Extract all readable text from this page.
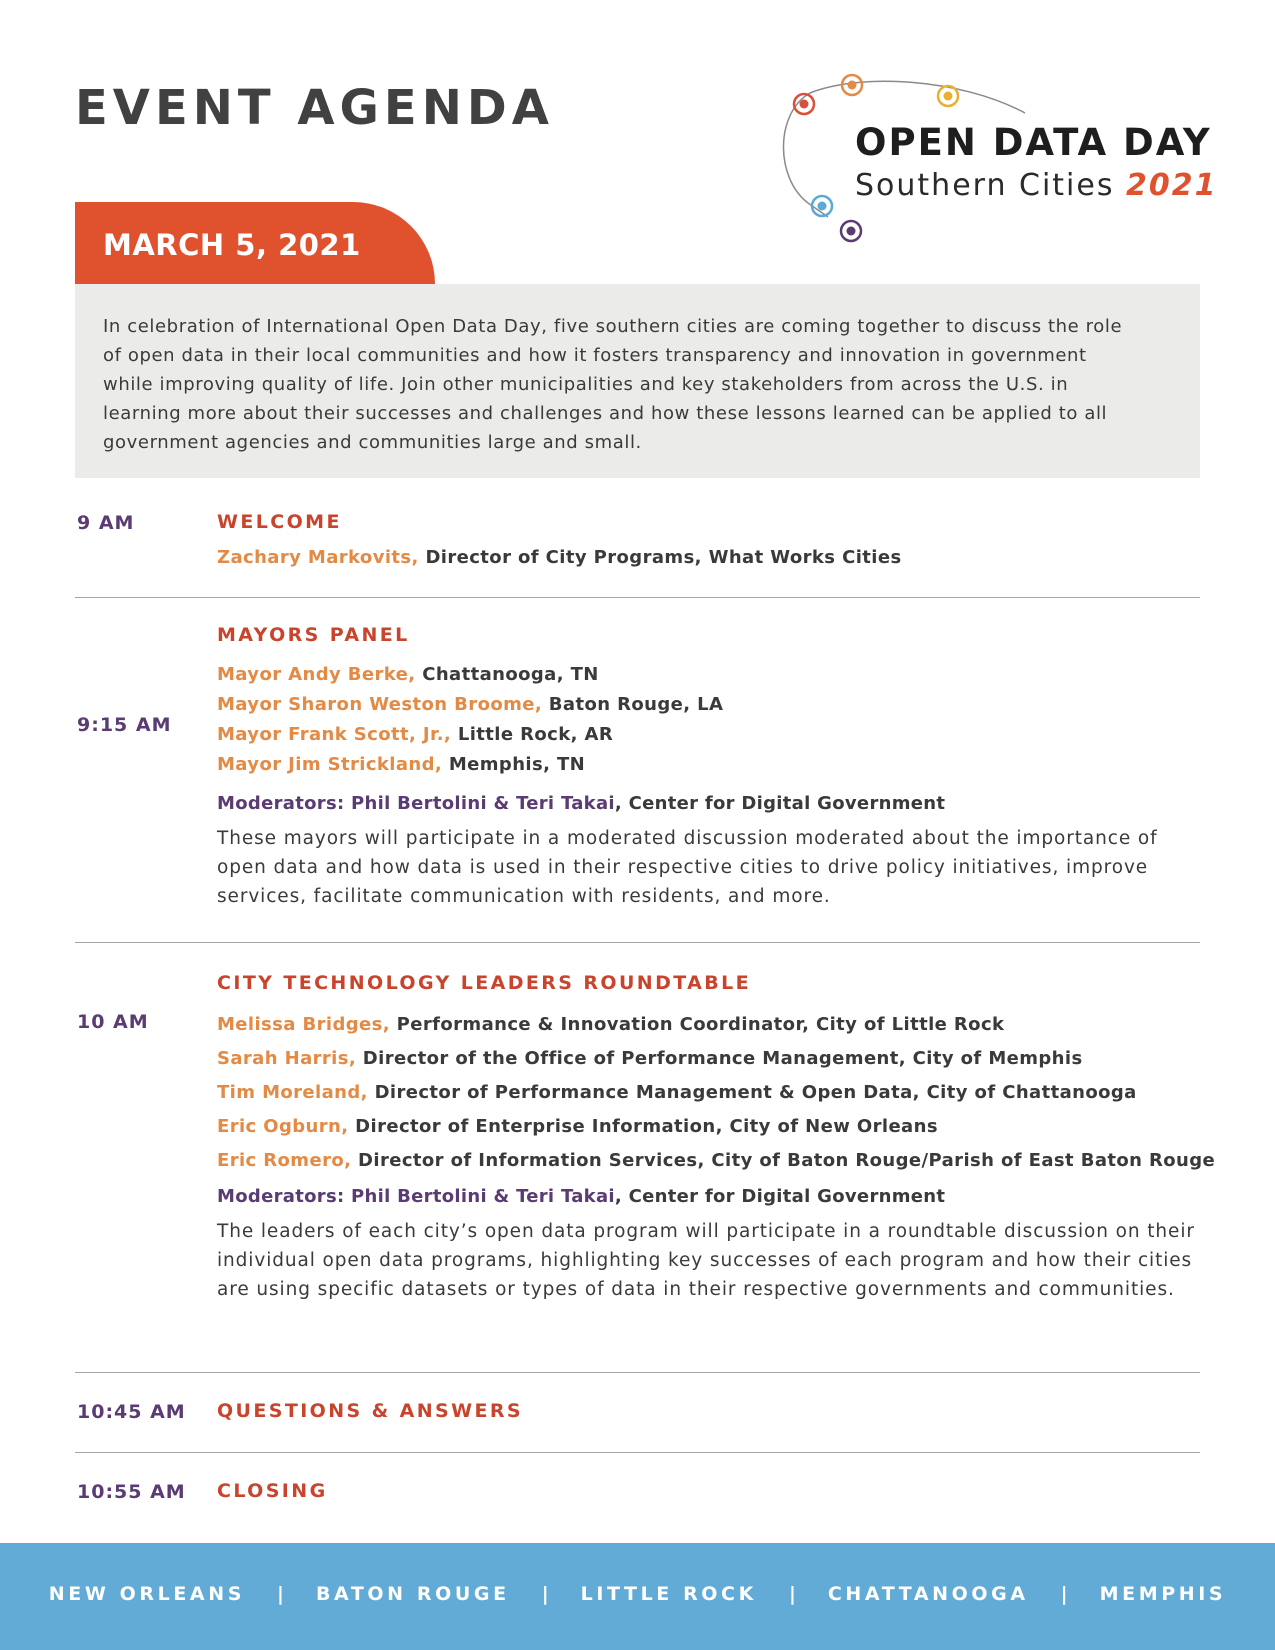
EVENT AGENDA
OPEN DATA DAY
Southern Cities 2021
MARCH 5, 2021

In celebration of International Open Data Day, five southern cities are coming together to discuss the role of open data in their local communities and how it fosters transparency and innovation in government while improving quality of life. Join other municipalities and key stakeholders from across the U.S. in learning more about their successes and challenges and how these lessons learned can be applied to all government agencies and communities large and small.

9 AM	WELCOME
Zachary Markovits, Director of City Programs, What Works Cities
9:15 AM
MAYORS PANEL
Mayor Andy Berke, Chattanooga, TN
Mayor Sharon Weston Broome, Baton Rouge, LA
Mayor Frank Scott, Jr., Little Rock, AR
Mayor Jim Strickland, Memphis, TN
Moderators: Phil Bertolini & Teri Takai, Center for Digital Government

These mayors will participate in a moderated discussion moderated about the importance of open data and how data is used in their respective cities to drive policy initiatives, improve services, facilitate communication with residents, and more.

10 AM
CITY TECHNOLOGY LEADERS ROUNDTABLE
Melissa Bridges, Performance & Innovation Coordinator, City of Little Rock
Sarah Harris, Director of the Office of Performance Management, City of Memphis
Tim Moreland, Director of Performance Management & Open Data, City of Chattanooga
Eric Ogburn, Director of Enterprise Information, City of New Orleans
Eric Romero, Director of Information Services, City of Baton Rouge/Parish of East Baton Rouge
Moderators: Phil Bertolini & Teri Takai, Center for Digital Government

The leaders of each city’s open data program will participate in a roundtable discussion on their individual open data programs, highlighting key successes of each program and how their cities are using specific datasets or types of data in their respective governments and communities.

10:45 AM QUESTIONS & ANSWERS
10:55 AM CLOSING
NEW ORLEANS | BATON ROUGE | LITTLE ROCK | CHATTANOOGA | MEMPHIS
